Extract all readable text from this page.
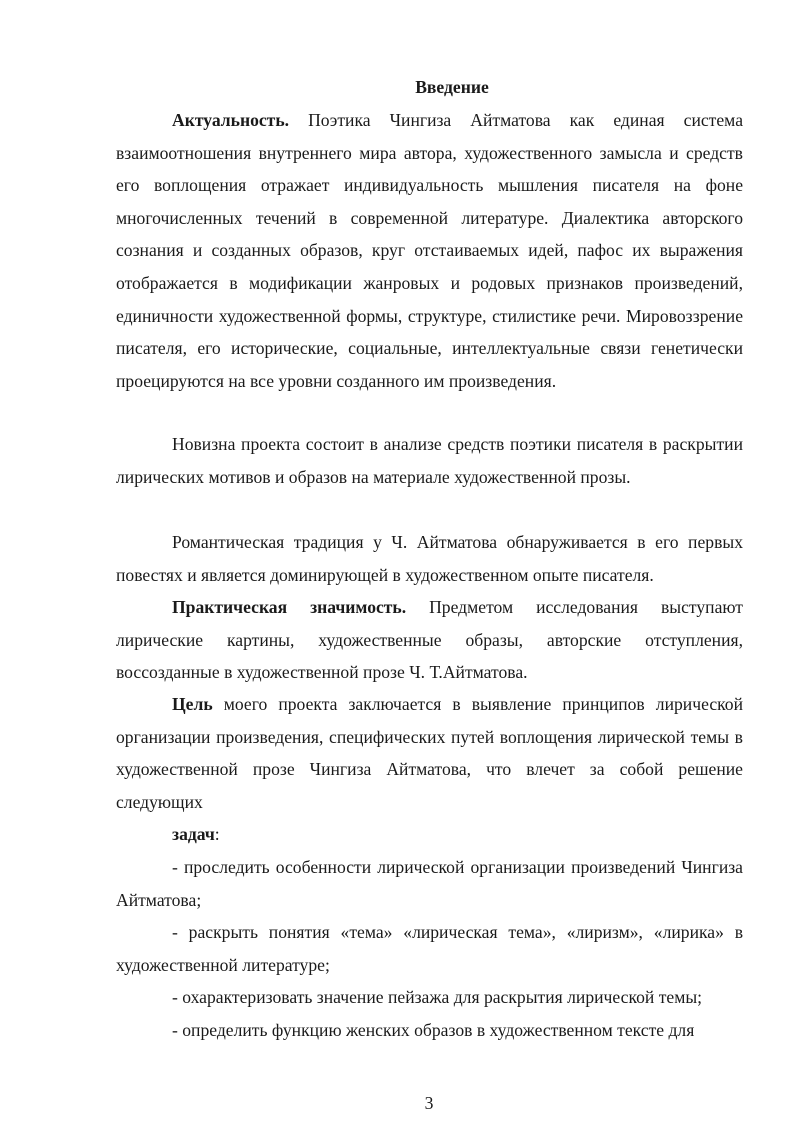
Введение

Актуальность. Поэтика Чингиза Айтматова как единая система взаимоотношения внутреннего мира автора, художественного замысла и средств его воплощения отражает индивидуальность мышления писателя на фоне многочисленных течений в современной литературе. Диалектика авторского сознания и созданных образов, круг отстаиваемых идей, пафос их выражения отображается в модификации жанровых и родовых признаков произведений, единичности художественной формы, структуре, стилистике речи. Мировоззрение писателя, его исторические, социальные, интеллектуальные связи генетически проецируются на все уровни созданного им произведения.

Новизна проекта состоит в анализе средств поэтики писателя в раскрытии лирических мотивов и образов на материале художественной прозы.

Романтическая традиция у Ч. Айтматова обнаруживается в его первых повестях и является доминирующей в художественном опыте писателя.

Практическая значимость. Предметом исследования выступают лирические картины, художественные образы, авторские отступления, воссозданные в художественной прозе Ч. Т.Айтматова.

Цель моего проекта заключается в выявление принципов лирической организации произведения, специфических путей воплощения лирической темы в художественной прозе Чингиза Айтматова, что влечет за собой решение следующих

задач:

- проследить особенности лирической организации произведений Чингиза Айтматова;

- раскрыть понятия «тема» «лирическая тема», «лиризм», «лирика» в художественной литературе;

- охарактеризовать значение пейзажа для раскрытия лирической темы;

- определить функцию женских образов в художественном тексте для

3
